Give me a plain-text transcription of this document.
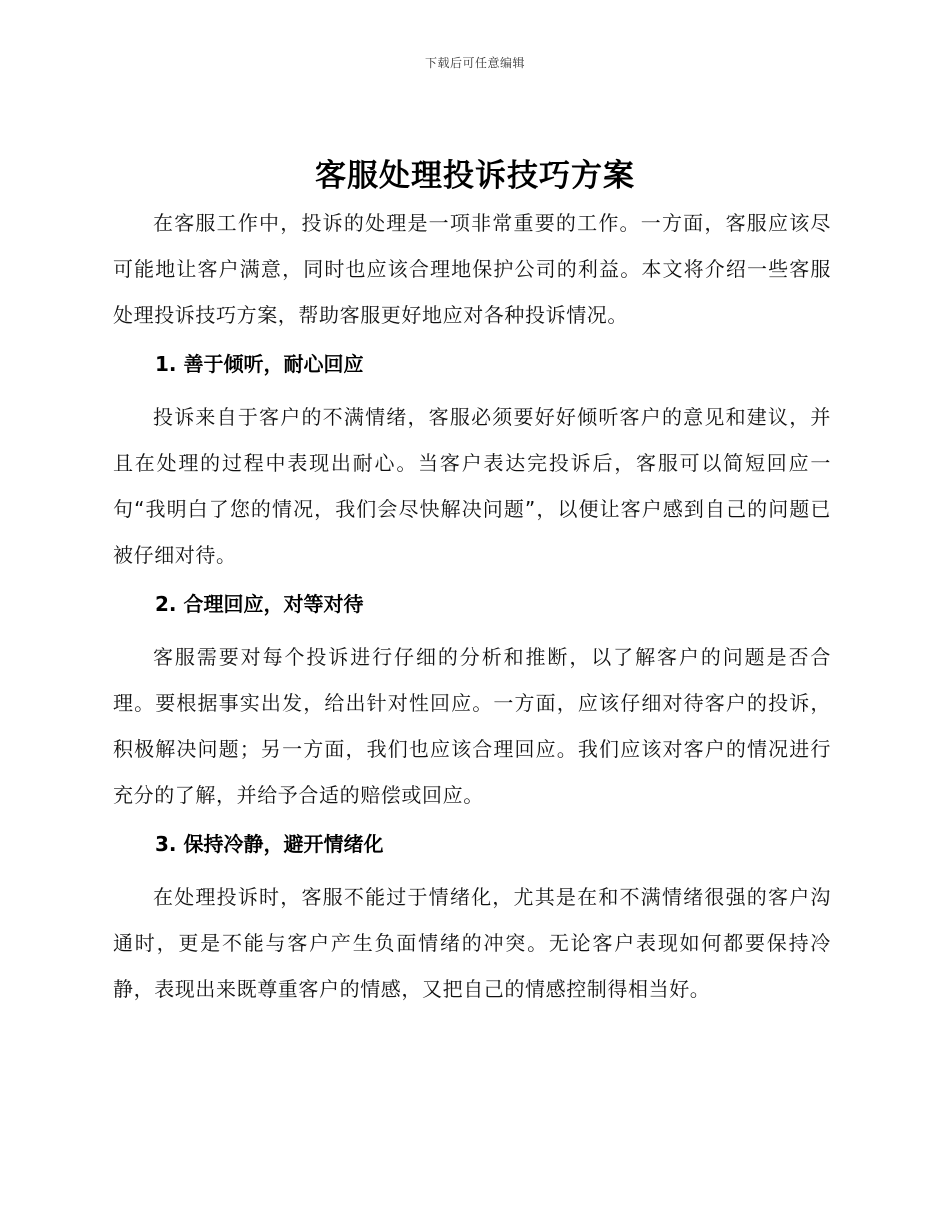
下载后可任意编辑
客服处理投诉技巧方案

在客服工作中，投诉的处理是一项非常重要的工作。一方面，客服应该尽可能地让客户满意，同时也应该合理地保护公司的利益。本文将介绍一些客服处理投诉技巧方案，帮助客服更好地应对各种投诉情况。

1. 善于倾听，耐心回应

投诉来自于客户的不满情绪，客服必须要好好倾听客户的意见和建议，并且在处理的过程中表现出耐心。当客户表达完投诉后，客服可以简短回应一句“我明白了您的情况，我们会尽快解决问题”，以便让客户感到自己的问题已被仔细对待。

2. 合理回应，对等对待

客服需要对每个投诉进行仔细的分析和推断，以了解客户的问题是否合理。要根据事实出发，给出针对性回应。一方面，应该仔细对待客户的投诉，积极解决问题；另一方面，我们也应该合理回应。我们应该对客户的情况进行充分的了解，并给予合适的赔偿或回应。

3. 保持冷静，避开情绪化

在处理投诉时，客服不能过于情绪化，尤其是在和不满情绪很强的客户沟通时，更是不能与客户产生负面情绪的冲突。无论客户表现如何都要保持冷静，表现出来既尊重客户的情感，又把自己的情感控制得相当好。
